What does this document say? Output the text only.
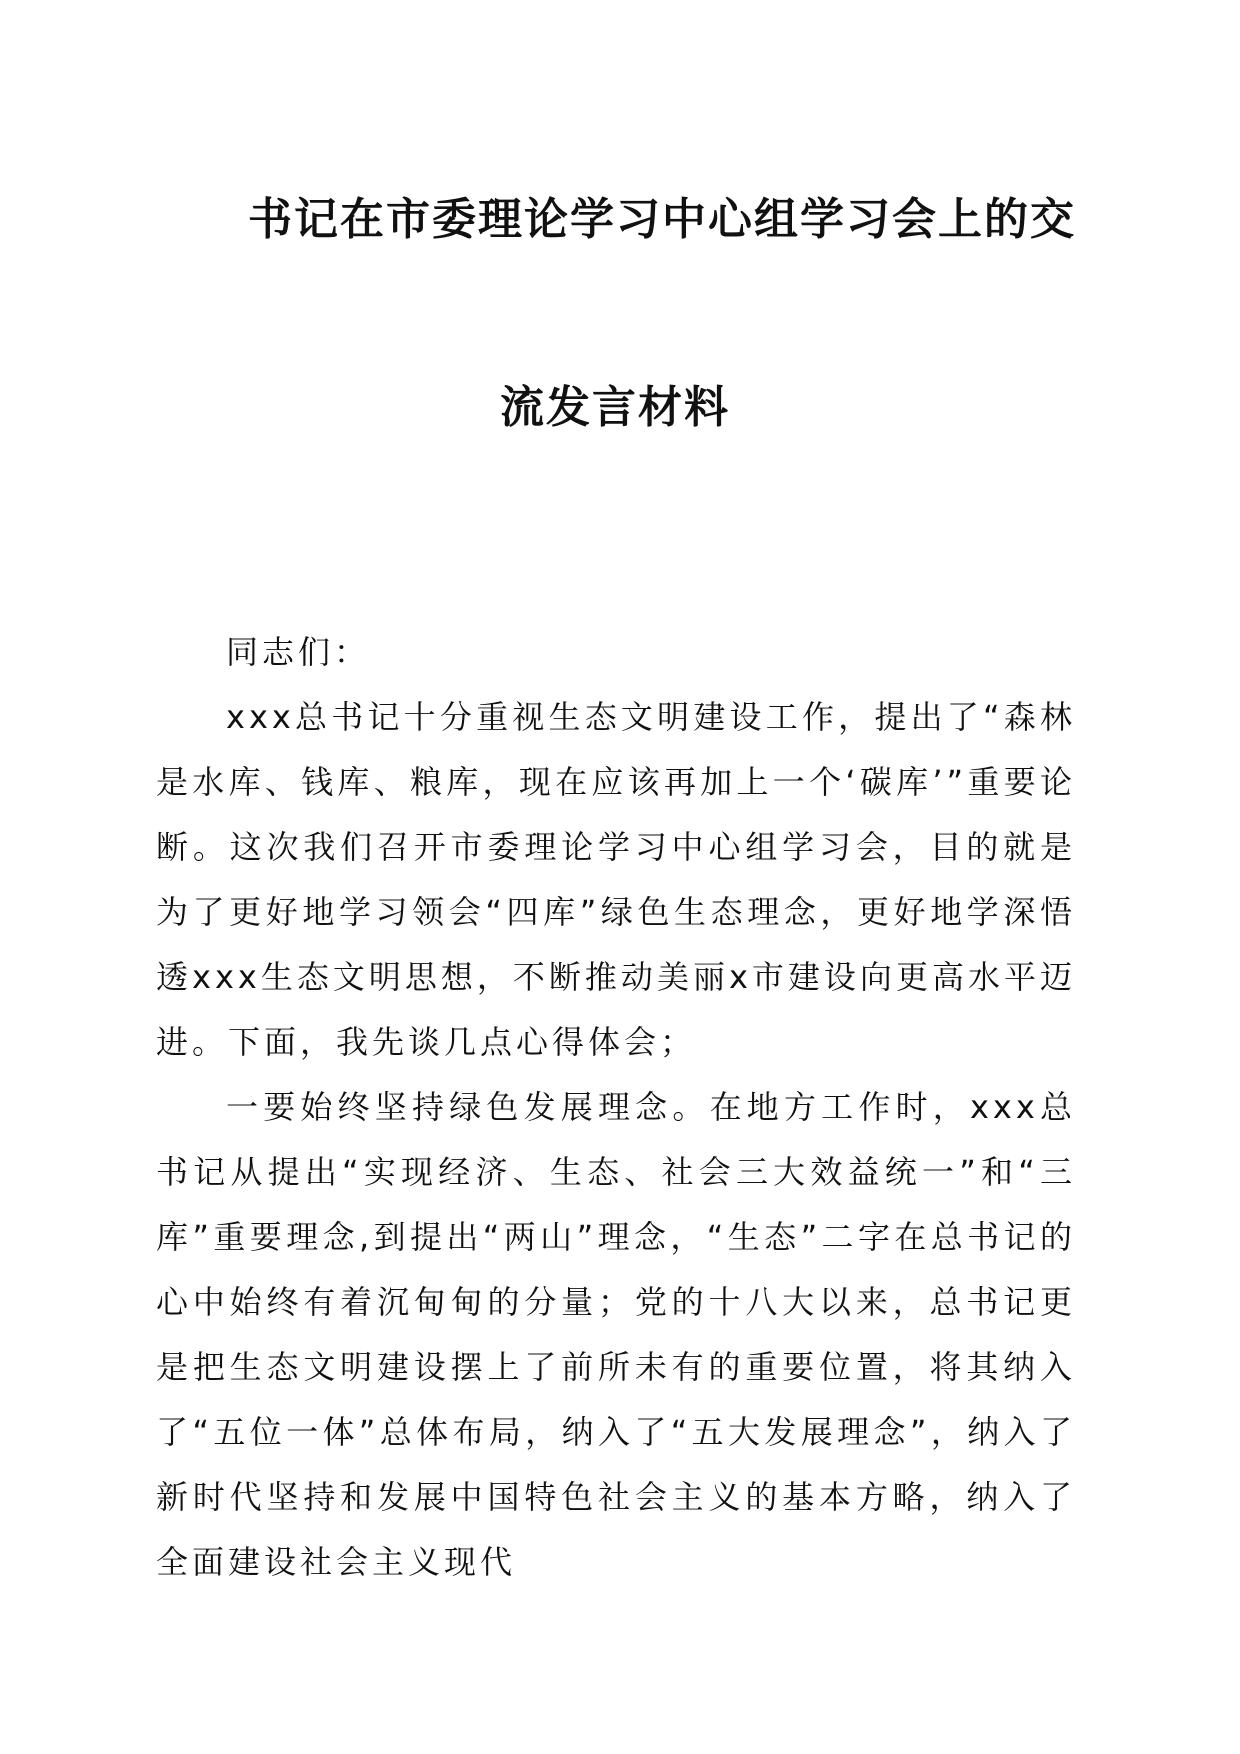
书记在市委理论学习中心组学习会上的交
流发言材料

同志们：

xxx总书记十分重视生态文明建设工作，提出了“森林是水库、钱库、粮库，现在应该再加上一个‘碳库’”重要论断。这次我们召开市委理论学习中心组学习会，目的就是为了更好地学习领会“四库”绿色生态理念，更好地学深悟透xxx生态文明思想，不断推动美丽x市建设向更高水平迈进。下面，我先谈几点心得体会；

一要始终坚持绿色发展理念。在地方工作时，xxx总书记从提出“实现经济、生态、社会三大效益统一”和“三库”重要理念,到提出“两山”理念，“生态”二字在总书记的心中始终有着沉甸甸的分量；党的十八大以来，总书记更是把生态文明建设摆上了前所未有的重要位置，将其纳入了“五位一体”总体布局，纳入了“五大发展理念”，纳入了新时代坚持和发展中国特色社会主义的基本方略，纳入了全面建设社会主义现代
